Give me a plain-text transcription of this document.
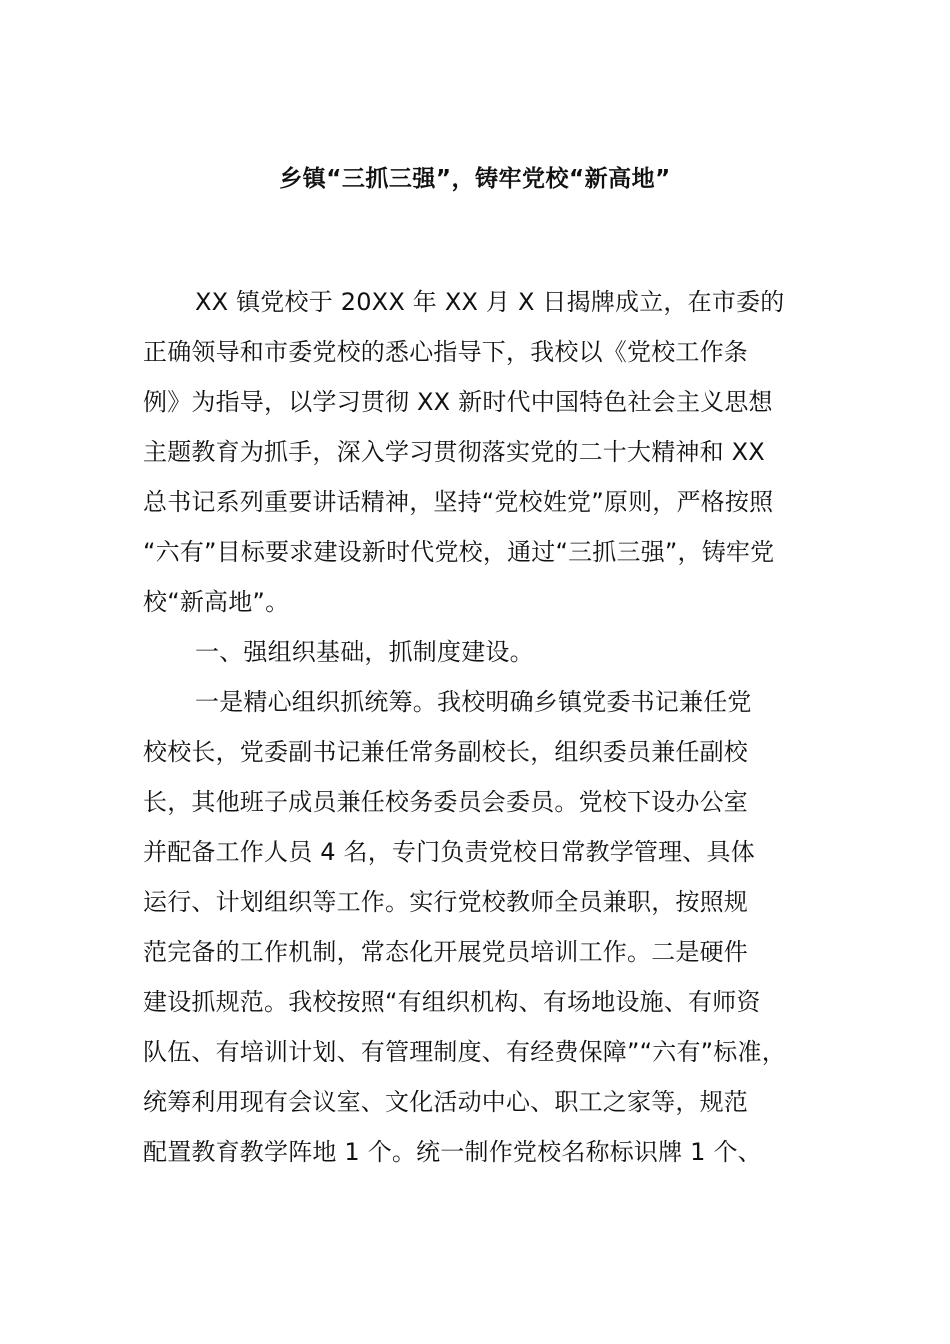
乡镇“三抓三强”，铸牢党校“新高地”
XX 镇党校于 20XX 年 XX 月 X 日揭牌成立，在市委的
正确领导和市委党校的悉心指导下，我校以《党校工作条
例》为指导，以学习贯彻 XX 新时代中国特色社会主义思想
主题教育为抓手，深入学习贯彻落实党的二十大精神和 XX
总书记系列重要讲话精神，坚持“党校姓党”原则，严格按照
“六有”目标要求建设新时代党校，通过“三抓三强”，铸牢党
校“新高地”。
一、强组织基础，抓制度建设。
一是精心组织抓统筹。我校明确乡镇党委书记兼任党
校校长，党委副书记兼任常务副校长，组织委员兼任副校
长，其他班子成员兼任校务委员会委员。党校下设办公室
并配备工作人员 4 名，专门负责党校日常教学管理、具体
运行、计划组织等工作。实行党校教师全员兼职，按照规
范完备的工作机制，常态化开展党员培训工作。二是硬件
建设抓规范。我校按照“有组织机构、有场地设施、有师资
队伍、有培训计划、有管理制度、有经费保障”“六有”标准，
统筹利用现有会议室、文化活动中心、职工之家等，规范
配置教育教学阵地 1 个。统一制作党校名称标识牌 1 个、
